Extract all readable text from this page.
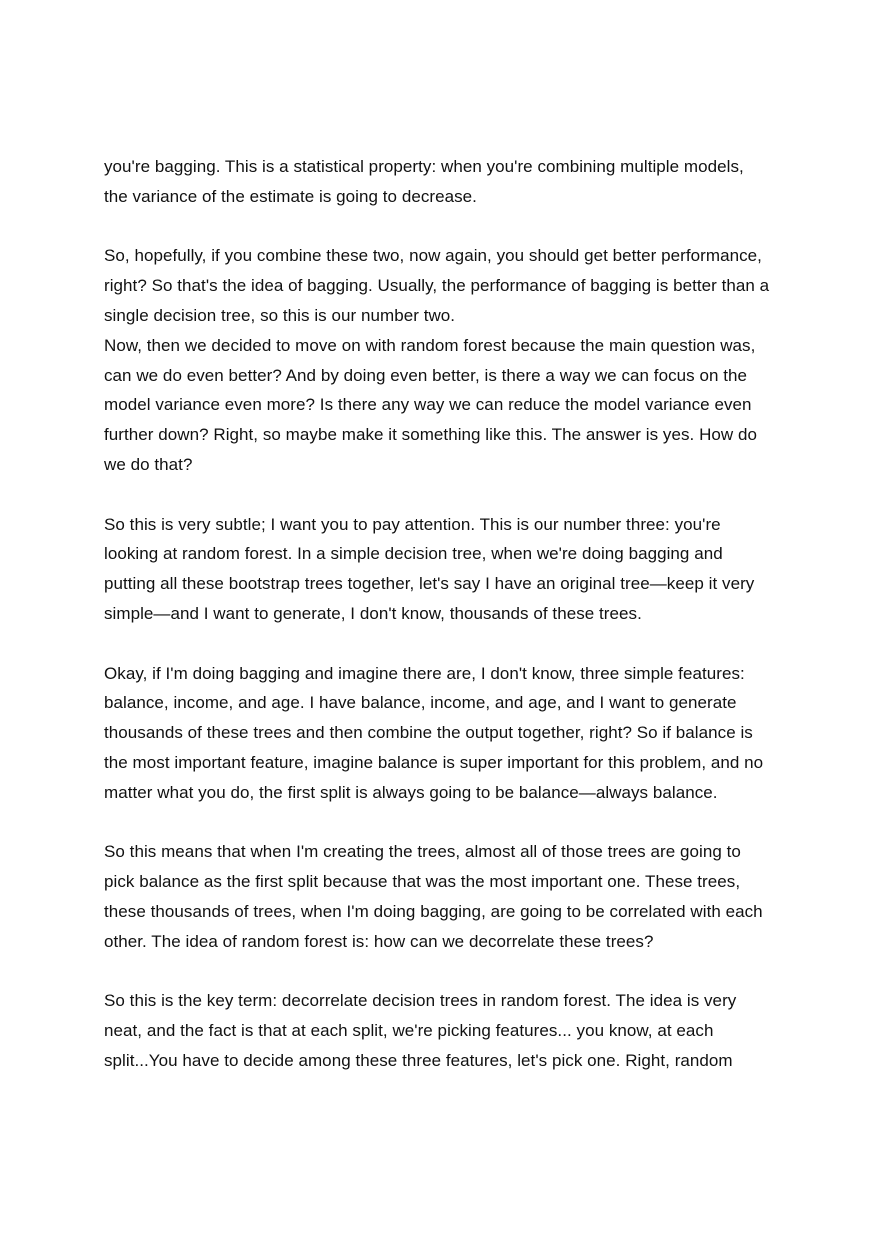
you're bagging. This is a statistical property: when you're combining multiple models,
the variance of the estimate is going to decrease.

So, hopefully, if you combine these two, now again, you should get better performance,
right? So that's the idea of bagging. Usually, the performance of bagging is better than a
single decision tree, so this is our number two.

Now, then we decided to move on with random forest because the main question was,
can we do even better? And by doing even better, is there a way we can focus on the
model variance even more? Is there any way we can reduce the model variance even
further down? Right, so maybe make it something like this. The answer is yes. How do
we do that?

So this is very subtle; I want you to pay attention. This is our number three: you're
looking at random forest. In a simple decision tree, when we're doing bagging and
putting all these bootstrap trees together, let's say I have an original tree—keep it very
simple—and I want to generate, I don't know, thousands of these trees.

Okay, if I'm doing bagging and imagine there are, I don't know, three simple features:
balance, income, and age. I have balance, income, and age, and I want to generate
thousands of these trees and then combine the output together, right? So if balance is
the most important feature, imagine balance is super important for this problem, and no
matter what you do, the first split is always going to be balance—always balance.

So this means that when I'm creating the trees, almost all of those trees are going to
pick balance as the first split because that was the most important one. These trees,
these thousands of trees, when I'm doing bagging, are going to be correlated with each
other. The idea of random forest is: how can we decorrelate these trees?

So this is the key term: decorrelate decision trees in random forest. The idea is very
neat, and the fact is that at each split, we're picking features... you know, at each
split...You have to decide among these three features, let's pick one. Right, random
